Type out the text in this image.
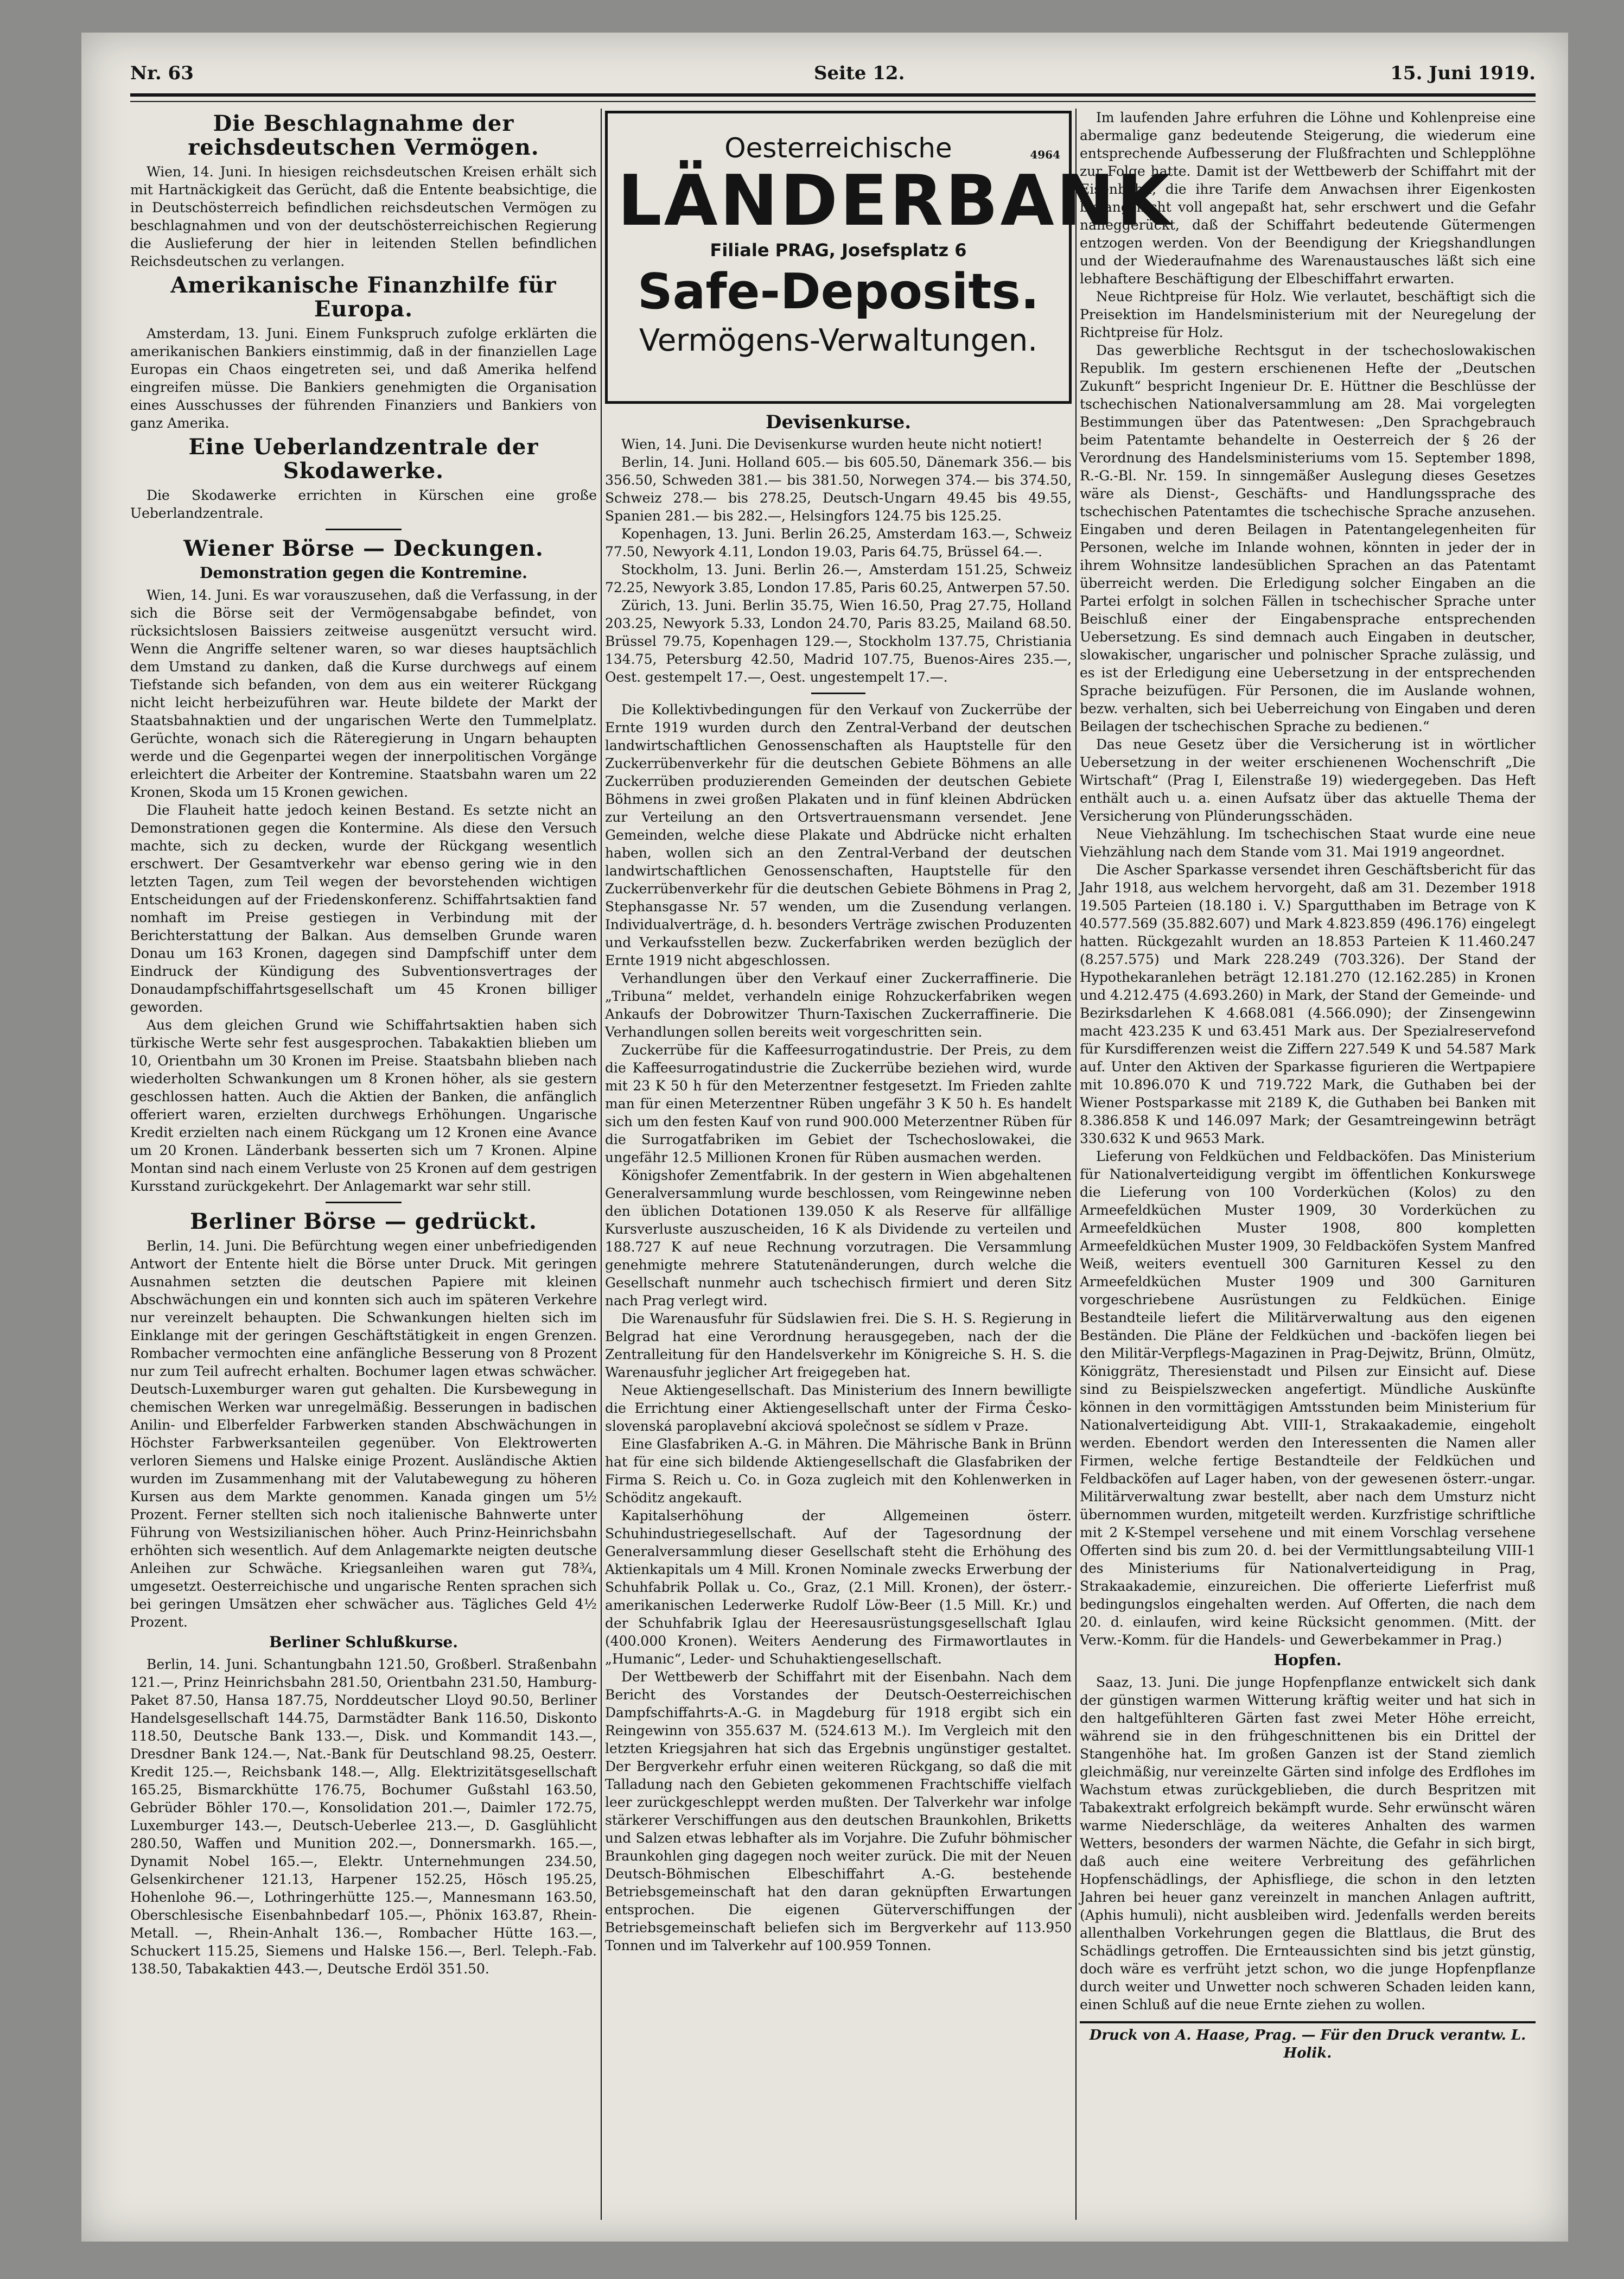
Nr. 63	Seite 12.	15. Juni 1919.
Die Beschlagnahme der reichsdeutschen Vermögen.

Wien, 14. Juni. In hiesigen reichsdeutschen Kreisen erhält sich mit Hartnäckigkeit das Gerücht, daß die Entente beabsichtige, die in Deutschösterreich befindlichen reichsdeutschen Vermögen zu beschlagnahmen und von der deutschösterreichischen Regierung die Auslieferung der hier in leitenden Stellen befindlichen Reichsdeutschen zu verlangen.

Amerikanische Finanzhilfe für Europa.

Amsterdam, 13. Juni. Einem Funkspruch zufolge erklärten die amerikanischen Bankiers einstimmig, daß in der finanziellen Lage Europas ein Chaos eingetreten sei, und daß Amerika helfend eingreifen müsse. Die Bankiers genehmigten die Organisation eines Ausschusses der führenden Finanziers und Bankiers von ganz Amerika.

Eine Ueberlandzentrale der Skodawerke.

Die Skodawerke errichten in Kürschen eine große Ueberlandzentrale.

Wiener Börse — Deckungen.
Demonstration gegen die Kontremine.

Wien, 14. Juni. Es war vorauszusehen, daß die Verfassung, in der sich die Börse seit der Vermögensabgabe befindet, von rücksichtslosen Baissiers zeitweise ausgenützt versucht wird. Wenn die Angriffe seltener waren, so war dieses hauptsächlich dem Umstand zu danken, daß die Kurse durchwegs auf einem Tiefstande sich befanden, von dem aus ein weiterer Rückgang nicht leicht herbeizuführen war. Heute bildete der Markt der Staatsbahnaktien und der ungarischen Werte den Tummelplatz. Gerüchte, wonach sich die Räteregierung in Ungarn behaupten werde und die Gegenpartei wegen der innerpolitischen Vorgänge erleichtert die Arbeiter der Kontremine. Staatsbahn waren um 22 Kronen, Skoda um 15 Kronen gewichen.

Die Flauheit hatte jedoch keinen Bestand. Es setzte nicht an Demonstrationen gegen die Kontermine. Als diese den Versuch machte, sich zu decken, wurde der Rückgang wesentlich erschwert. Der Gesamtverkehr war ebenso gering wie in den letzten Tagen, zum Teil wegen der bevorstehenden wichtigen Entscheidungen auf der Friedenskonferenz. Schiffahrtsaktien fand nomhaft im Preise gestiegen in Verbindung mit der Berichterstattung der Balkan. Aus demselben Grunde waren Donau um 163 Kronen, dagegen sind Dampfschiff unter dem Eindruck der Kündigung des Subventionsvertrages der Donaudampfschiffahrtsgesellschaft um 45 Kronen billiger geworden.

Aus dem gleichen Grund wie Schiffahrtsaktien haben sich türkische Werte sehr fest ausgesprochen. Tabakaktien blieben um 10, Orientbahn um 30 Kronen im Preise. Staatsbahn blieben nach wiederholten Schwankungen um 8 Kronen höher, als sie gestern geschlossen hatten. Auch die Aktien der Banken, die anfänglich offeriert waren, erzielten durchwegs Erhöhungen. Ungarische Kredit erzielten nach einem Rückgang um 12 Kronen eine Avance um 20 Kronen. Länderbank besserten sich um 7 Kronen. Alpine Montan sind nach einem Verluste von 25 Kronen auf dem gestrigen Kursstand zurückgekehrt. Der Anlagemarkt war sehr still.

Berliner Börse — gedrückt.

Berlin, 14. Juni. Die Befürchtung wegen einer unbefriedigenden Antwort der Entente hielt die Börse unter Druck. Mit geringen Ausnahmen setzten die deutschen Papiere mit kleinen Abschwächungen ein und konnten sich auch im späteren Verkehre nur vereinzelt behaupten. Die Schwankungen hielten sich im Einklange mit der geringen Geschäftstätigkeit in engen Grenzen. Rombacher vermochten eine anfängliche Besserung von 8 Prozent nur zum Teil aufrecht erhalten. Bochumer lagen etwas schwächer. Deutsch-Luxemburger waren gut gehalten. Die Kursbewegung in chemischen Werken war unregelmäßig. Besserungen in badischen Anilin- und Elberfelder Farbwerken standen Abschwächungen in Höchster Farbwerksanteilen gegenüber. Von Elektrowerten verloren Siemens und Halske einige Prozent. Ausländische Aktien wurden im Zusammenhang mit der Valutabewegung zu höheren Kursen aus dem Markte genommen. Kanada gingen um 5½ Prozent. Ferner stellten sich noch italienische Bahnwerte unter Führung von Westsizilianischen höher. Auch Prinz-Heinrichsbahn erhöhten sich wesentlich. Auf dem Anlagemarkte neigten deutsche Anleihen zur Schwäche. Kriegsanleihen waren gut 78¾, umgesetzt. Oesterreichische und ungarische Renten sprachen sich bei geringen Umsätzen eher schwächer aus. Tägliches Geld 4½ Prozent.

Berliner Schlußkurse.

Berlin, 14. Juni. Schantungbahn 121.50, Großberl. Straßenbahn 121.—, Prinz Heinrichsbahn 281.50, Orientbahn 231.50, Hamburg-Paket 87.50, Hansa 187.75, Norddeutscher Lloyd 90.50, Berliner Handelsgesellschaft 144.75, Darmstädter Bank 116.50, Diskonto 118.50, Deutsche Bank 133.—, Disk. und Kommandit 143.—, Dresdner Bank 124.—, Nat.-Bank für Deutschland 98.25, Oesterr. Kredit 125.—, Reichsbank 148.—, Allg. Elektrizitätsgesellschaft 165.25, Bismarckhütte 176.75, Bochumer Gußstahl 163.50, Gebrüder Böhler 170.—, Konsolidation 201.—, Daimler 172.75, Luxemburger 143.—, Deutsch-Ueberlee 213.—, D. Gasglühlicht 280.50, Waffen und Munition 202.—, Donnersmarkh. 165.—, Dynamit Nobel 165.—, Elektr. Unternehmungen 234.50, Gelsenkirchener 121.13, Harpener 152.25, Hösch 195.25, Hohenlohe 96.—, Lothringerhütte 125.—, Mannesmann 163.50, Oberschlesische Eisenbahnbedarf 105.—, Phönix 163.87, Rhein-Metall. —, Rhein-Anhalt 136.—, Rombacher Hütte 163.—, Schuckert 115.25, Siemens und Halske 156.—, Berl. Teleph.-Fab. 138.50, Tabakaktien 443.—, Deutsche Erdöl 351.50.

Oesterreichische	4964
LÄNDERBANK
Filiale PRAG, Josefsplatz 6
Safe-Deposits.
Vermögens-Verwaltungen.
Devisenkurse.

Wien, 14. Juni. Die Devisenkurse wurden heute nicht notiert!

Berlin, 14. Juni. Holland 605.— bis 605.50, Dänemark 356.— bis 356.50, Schweden 381.— bis 381.50, Norwegen 374.— bis 374.50, Schweiz 278.— bis 278.25, Deutsch-Ungarn 49.45 bis 49.55, Spanien 281.— bis 282.—, Helsingfors 124.75 bis 125.25.

Kopenhagen, 13. Juni. Berlin 26.25, Amsterdam 163.—, Schweiz 77.50, Newyork 4.11, London 19.03, Paris 64.75, Brüssel 64.—.

Stockholm, 13. Juni. Berlin 26.—, Amsterdam 151.25, Schweiz 72.25, Newyork 3.85, London 17.85, Paris 60.25, Antwerpen 57.50.

Zürich, 13. Juni. Berlin 35.75, Wien 16.50, Prag 27.75, Holland 203.25, Newyork 5.33, London 24.70, Paris 83.25, Mailand 68.50. Brüssel 79.75, Kopenhagen 129.—, Stockholm 137.75, Christiania 134.75, Petersburg 42.50, Madrid 107.75, Buenos-Aires 235.—, Oest. gestempelt 17.—, Oest. ungestempelt 17.—.

Die Kollektivbedingungen für den Verkauf von Zuckerrübe der Ernte 1919 wurden durch den Zentral-Verband der deutschen landwirtschaftlichen Genossenschaften als Hauptstelle für den Zuckerrübenverkehr für die deutschen Gebiete Böhmens an alle Zuckerrüben produzierenden Gemeinden der deutschen Gebiete Böhmens in zwei großen Plakaten und in fünf kleinen Abdrücken zur Verteilung an den Ortsvertrauensmann versendet. Jene Gemeinden, welche diese Plakate und Abdrücke nicht erhalten haben, wollen sich an den Zentral-Verband der deutschen landwirtschaftlichen Genossenschaften, Hauptstelle für den Zuckerrübenverkehr für die deutschen Gebiete Böhmens in Prag 2, Stephansgasse Nr. 57 wenden, um die Zusendung verlangen. Individualverträge, d. h. besonders Verträge zwischen Produzenten und Verkaufsstellen bezw. Zuckerfabriken werden bezüglich der Ernte 1919 nicht abgeschlossen.

Verhandlungen über den Verkauf einer Zuckerraffinerie. Die „Tribuna“ meldet, verhandeln einige Rohzuckerfabriken wegen Ankaufs der Dobrowitzer Thurn-Taxischen Zuckerraffinerie. Die Verhandlungen sollen bereits weit vorgeschritten sein.

Zuckerrübe für die Kaffeesurrogatindustrie. Der Preis, zu dem die Kaffeesurrogatindustrie die Zuckerrübe beziehen wird, wurde mit 23 K 50 h für den Meterzentner festgesetzt. Im Frieden zahlte man für einen Meterzentner Rüben ungefähr 3 K 50 h. Es handelt sich um den festen Kauf von rund 900.000 Meterzentner Rüben für die Surrogatfabriken im Gebiet der Tschechoslowakei, die ungefähr 12.5 Millionen Kronen für Rüben ausmachen werden.

Königshofer Zementfabrik. In der gestern in Wien abgehaltenen Generalversammlung wurde beschlossen, vom Reingewinne neben den üblichen Dotationen 139.050 K als Reserve für allfällige Kursverluste auszuscheiden, 16 K als Dividende zu verteilen und 188.727 K auf neue Rechnung vorzutragen. Die Versammlung genehmigte mehrere Statutenänderungen, durch welche die Gesellschaft nunmehr auch tschechisch firmiert und deren Sitz nach Prag verlegt wird.

Die Warenausfuhr für Südslawien frei. Die S. H. S. Regierung in Belgrad hat eine Verordnung herausgegeben, nach der die Zentralleitung für den Handelsverkehr im Königreiche S. H. S. die Warenausfuhr jeglicher Art freigegeben hat.

Neue Aktiengesellschaft. Das Ministerium des Innern bewilligte die Errichtung einer Aktiengesellschaft unter der Firma Česko-slovenská paroplavební akciová společnost se sídlem v Praze.

Eine Glasfabriken A.-G. in Mähren. Die Mährische Bank in Brünn hat für eine sich bildende Aktiengesellschaft die Glasfabriken der Firma S. Reich u. Co. in Goza zugleich mit den Kohlenwerken in Schöditz angekauft.

Kapitalserhöhung der Allgemeinen österr. Schuhindustriegesellschaft. Auf der Tagesordnung der Generalversammlung dieser Gesellschaft steht die Erhöhung des Aktienkapitals um 4 Mill. Kronen Nominale zwecks Erwerbung der Schuhfabrik Pollak u. Co., Graz, (2.1 Mill. Kronen), der österr.-amerikanischen Lederwerke Rudolf Löw-Beer (1.5 Mill. Kr.) und der Schuhfabrik Iglau der Heeresausrüstungsgesellschaft Iglau (400.000 Kronen). Weiters Aenderung des Firmawortlautes in „Humanic“, Leder- und Schuhaktiengesellschaft.

Der Wettbewerb der Schiffahrt mit der Eisenbahn. Nach dem Bericht des Vorstandes der Deutsch-Oesterreichischen Dampfschiffahrts-A.-G. in Magdeburg für 1918 ergibt sich ein Reingewinn von 355.637 M. (524.613 M.). Im Vergleich mit den letzten Kriegsjahren hat sich das Ergebnis ungünstiger gestaltet. Der Bergverkehr erfuhr einen weiteren Rückgang, so daß die mit Talladung nach den Gebieten gekommenen Frachtschiffe vielfach leer zurückgeschleppt werden mußten. Der Talverkehr war infolge stärkerer Verschiffungen aus den deutschen Braunkohlen, Briketts und Salzen etwas lebhafter als im Vorjahre. Die Zufuhr böhmischer Braunkohlen ging dagegen noch weiter zurück. Die mit der Neuen Deutsch-Böhmischen Elbeschiffahrt A.-G. bestehende Betriebsgemeinschaft hat den daran geknüpften Erwartungen entsprochen. Die eigenen Güterverschiffungen der Betriebsgemeinschaft beliefen sich im Bergverkehr auf 113.950 Tonnen und im Talverkehr auf 100.959 Tonnen.

Im laufenden Jahre erfuhren die Löhne und Kohlenpreise eine abermalige ganz bedeutende Steigerung, die wiederum eine entsprechende Aufbesserung der Flußfrachten und Schlepplöhne zur Folge hatte. Damit ist der Wettbewerb der Schiffahrt mit der Eisenbahn, die ihre Tarife dem Anwachsen ihrer Eigenkosten bislang nicht voll angepaßt hat, sehr erschwert und die Gefahr naheggerückt, daß der Schiffahrt bedeutende Gütermengen entzogen werden. Von der Beendigung der Kriegshandlungen und der Wiederaufnahme des Warenaustausches läßt sich eine lebhaftere Beschäftigung der Elbeschiffahrt erwarten.

Neue Richtpreise für Holz. Wie verlautet, beschäftigt sich die Preisektion im Handelsministerium mit der Neuregelung der Richtpreise für Holz.

Das gewerbliche Rechtsgut in der tschechoslowakischen Republik. Im gestern erschienenen Hefte der „Deutschen Zukunft“ bespricht Ingenieur Dr. E. Hüttner die Beschlüsse der tschechischen Nationalversammlung am 28. Mai vorgelegten Bestimmungen über das Patentwesen: „Den Sprachgebrauch beim Patentamte behandelte in Oesterreich der § 26 der Verordnung des Handelsministeriums vom 15. September 1898, R.-G.-Bl. Nr. 159. In sinngemäßer Auslegung dieses Gesetzes wäre als Dienst-, Geschäfts- und Handlungssprache des tschechischen Patentamtes die tschechische Sprache anzusehen. Eingaben und deren Beilagen in Patentangelegenheiten für Personen, welche im Inlande wohnen, könnten in jeder der in ihrem Wohnsitze landesüblichen Sprachen an das Patentamt überreicht werden. Die Erledigung solcher Eingaben an die Partei erfolgt in solchen Fällen in tschechischer Sprache unter Beischluß einer der Eingabensprache entsprechenden Uebersetzung. Es sind demnach auch Eingaben in deutscher, slowakischer, ungarischer und polnischer Sprache zulässig, und es ist der Erledigung eine Uebersetzung in der entsprechenden Sprache beizufügen. Für Personen, die im Auslande wohnen, bezw. verhalten, sich bei Ueberreichung von Eingaben und deren Beilagen der tschechischen Sprache zu bedienen.“

Das neue Gesetz über die Versicherung ist in wörtlicher Uebersetzung in der weiter erschienenen Wochenschrift „Die Wirtschaft“ (Prag I, Eilenstraße 19) wiedergegeben. Das Heft enthält auch u. a. einen Aufsatz über das aktuelle Thema der Versicherung von Plünderungsschäden.

Neue Viehzählung. Im tschechischen Staat wurde eine neue Viehzählung nach dem Stande vom 31. Mai 1919 angeordnet.

Die Ascher Sparkasse versendet ihren Geschäftsbericht für das Jahr 1918, aus welchem hervorgeht, daß am 31. Dezember 1918 19.505 Parteien (18.180 i. V.) Spargutthaben im Betrage von K 40.577.569 (35.882.607) und Mark 4.823.859 (496.176) eingelegt hatten. Rückgezahlt wurden an 18.853 Parteien K 11.460.247 (8.257.575) und Mark 228.249 (703.326). Der Stand der Hypothekaranlehen beträgt 12.181.270 (12.162.285) in Kronen und 4.212.475 (4.693.260) in Mark, der Stand der Gemeinde- und Bezirksdarlehen K 4.668.081 (4.566.090); der Zinsengewinn macht 423.235 K und 63.451 Mark aus. Der Spezialreservefond für Kursdifferenzen weist die Ziffern 227.549 K und 54.587 Mark auf. Unter den Aktiven der Sparkasse figurieren die Wertpapiere mit 10.896.070 K und 719.722 Mark, die Guthaben bei der Wiener Postsparkasse mit 2189 K, die Guthaben bei Banken mit 8.386.858 K und 146.097 Mark; der Gesamtreingewinn beträgt 330.632 K und 9653 Mark.

Lieferung von Feldküchen und Feldbacköfen. Das Ministerium für Nationalverteidigung vergibt im öffentlichen Konkurswege die Lieferung von 100 Vorderküchen (Kolos) zu den Armeefeldküchen Muster 1909, 30 Vorderküchen zu Armeefeldküchen Muster 1908, 800 kompletten Armeefeldküchen Muster 1909, 30 Feldbacköfen System Manfred Weiß, weiters eventuell 300 Garnituren Kessel zu den Armeefeldküchen Muster 1909 und 300 Garnituren vorgeschriebene Ausrüstungen zu Feldküchen. Einige Bestandteile liefert die Militärverwaltung aus den eigenen Beständen. Die Pläne der Feldküchen und -backöfen liegen bei den Militär-Verpflegs-Magazinen in Prag-Dejwitz, Brünn, Olmütz, Königgrätz, Theresienstadt und Pilsen zur Einsicht auf. Diese sind zu Beispielszwecken angefertigt. Mündliche Auskünfte können in den vormittägigen Amtsstunden beim Ministerium für Nationalverteidigung Abt. VIII-1, Strakaakademie, eingeholt werden. Ebendort werden den Interessenten die Namen aller Firmen, welche fertige Bestandteile der Feldküchen und Feldbacköfen auf Lager haben, von der gewesenen österr.-ungar. Militärverwaltung zwar bestellt, aber nach dem Umsturz nicht übernommen wurden, mitgeteilt werden. Kurzfristige schriftliche mit 2 K-Stempel versehene und mit einem Vorschlag versehene Offerten sind bis zum 20. d. bei der Vermittlungsabteilung VIII-1 des Ministeriums für Nationalverteidigung in Prag, Strakaakademie, einzureichen. Die offerierte Lieferfrist muß bedingungslos eingehalten werden. Auf Offerten, die nach dem 20. d. einlaufen, wird keine Rücksicht genommen. (Mitt. der Verw.-Komm. für die Handels- und Gewerbekammer in Prag.)

Hopfen.

Saaz, 13. Juni. Die junge Hopfenpflanze entwickelt sich dank der günstigen warmen Witterung kräftig weiter und hat sich in den haltgefühlteren Gärten fast zwei Meter Höhe erreicht, während sie in den frühgeschnittenen bis ein Drittel der Stangenhöhe hat. Im großen Ganzen ist der Stand ziemlich gleichmäßig, nur vereinzelte Gärten sind infolge des Erdflohes im Wachstum etwas zurückgeblieben, die durch Bespritzen mit Tabakextrakt erfolgreich bekämpft wurde. Sehr erwünscht wären warme Niederschläge, da weiteres Anhalten des warmen Wetters, besonders der warmen Nächte, die Gefahr in sich birgt, daß auch eine weitere Verbreitung des gefährlichen Hopfenschädlings, der Aphisfliege, die schon in den letzten Jahren bei heuer ganz vereinzelt in manchen Anlagen auftritt, (Aphis humuli), nicht ausbleiben wird. Jedenfalls werden bereits allenthalben Vorkehrungen gegen die Blattlaus, die Brut des Schädlings getroffen. Die Ernteaussichten sind bis jetzt günstig, doch wäre es verfrüht jetzt schon, wo die junge Hopfenpflanze durch weiter und Unwetter noch schweren Schaden leiden kann, einen Schluß auf die neue Ernte ziehen zu wollen.

Druck von A. Haase, Prag. — Für den Druck verantw. L. Holik.
